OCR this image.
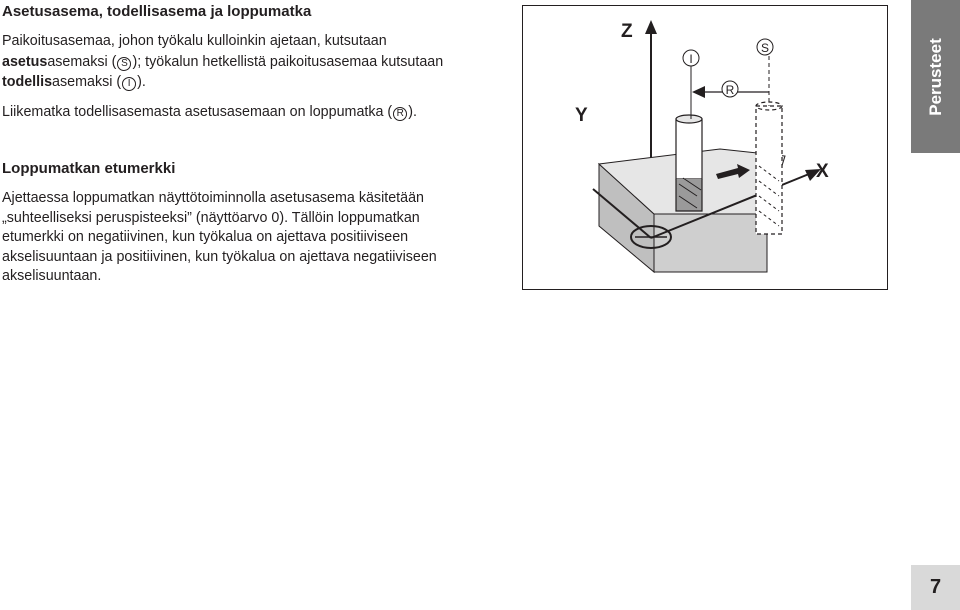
Asetusasema, todellisasema ja loppumatka

Paikoitusasemaa, johon työkalu kulloinkin ajetaan, kutsutaan
asetusasemaksi ( S ); työkalun hetkellistä paikoitusasemaa kutsutaan
todellisasemaksi ( I ).

Liikematka todellisasemasta asetusasemaan on loppumatka ( R ).

Loppumatkan etumerkki

Ajettaessa loppumatkan näyttötoiminnolla asetusasema käsitetään
„suhteelliseksi peruspisteeksi” (näyttöarvo 0). Tällöin loppumatkan
etumerkki on negatiivinen, kun työkalua on ajettava positiiviseen
akselisuuntaan ja positiivinen, kun työkalua on ajettava negatiiviseen
akselisuuntaan.

Z
Y
X
I
S
R	Perusteet
7
